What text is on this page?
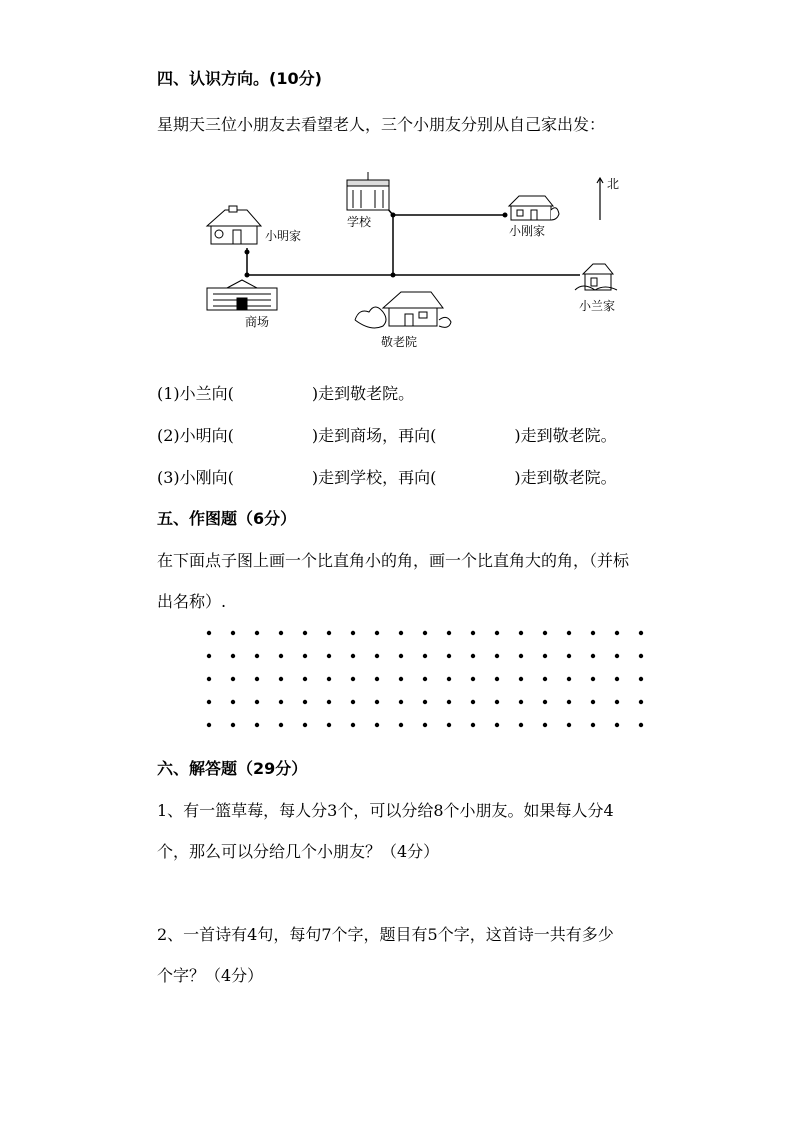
四、认识方向。(10分)
星期天三位小朋友去看望老人，三个小朋友分别从自己家出发：
北
学校
小刚家
小明家
小兰家
商场
敬老院
(1)小兰向(	)走到敬老院。
(2)小明向(	)走到商场，再向(	)走到敬老院。
(3)小刚向(	)走到学校，再向(	)走到敬老院。
五、作图题（6分）
在下面点子图上画一个比直角小的角，画一个比直角大的角，（并标
出名称）.
六、解答题（29分）
1、有一篮草莓，每人分3个，可以分给8个小朋友。如果每人分4
个，那么可以分给几个小朋友？（4分）
2、一首诗有4句，每句7个字，题目有5个字，这首诗一共有多少
个字？（4分）
